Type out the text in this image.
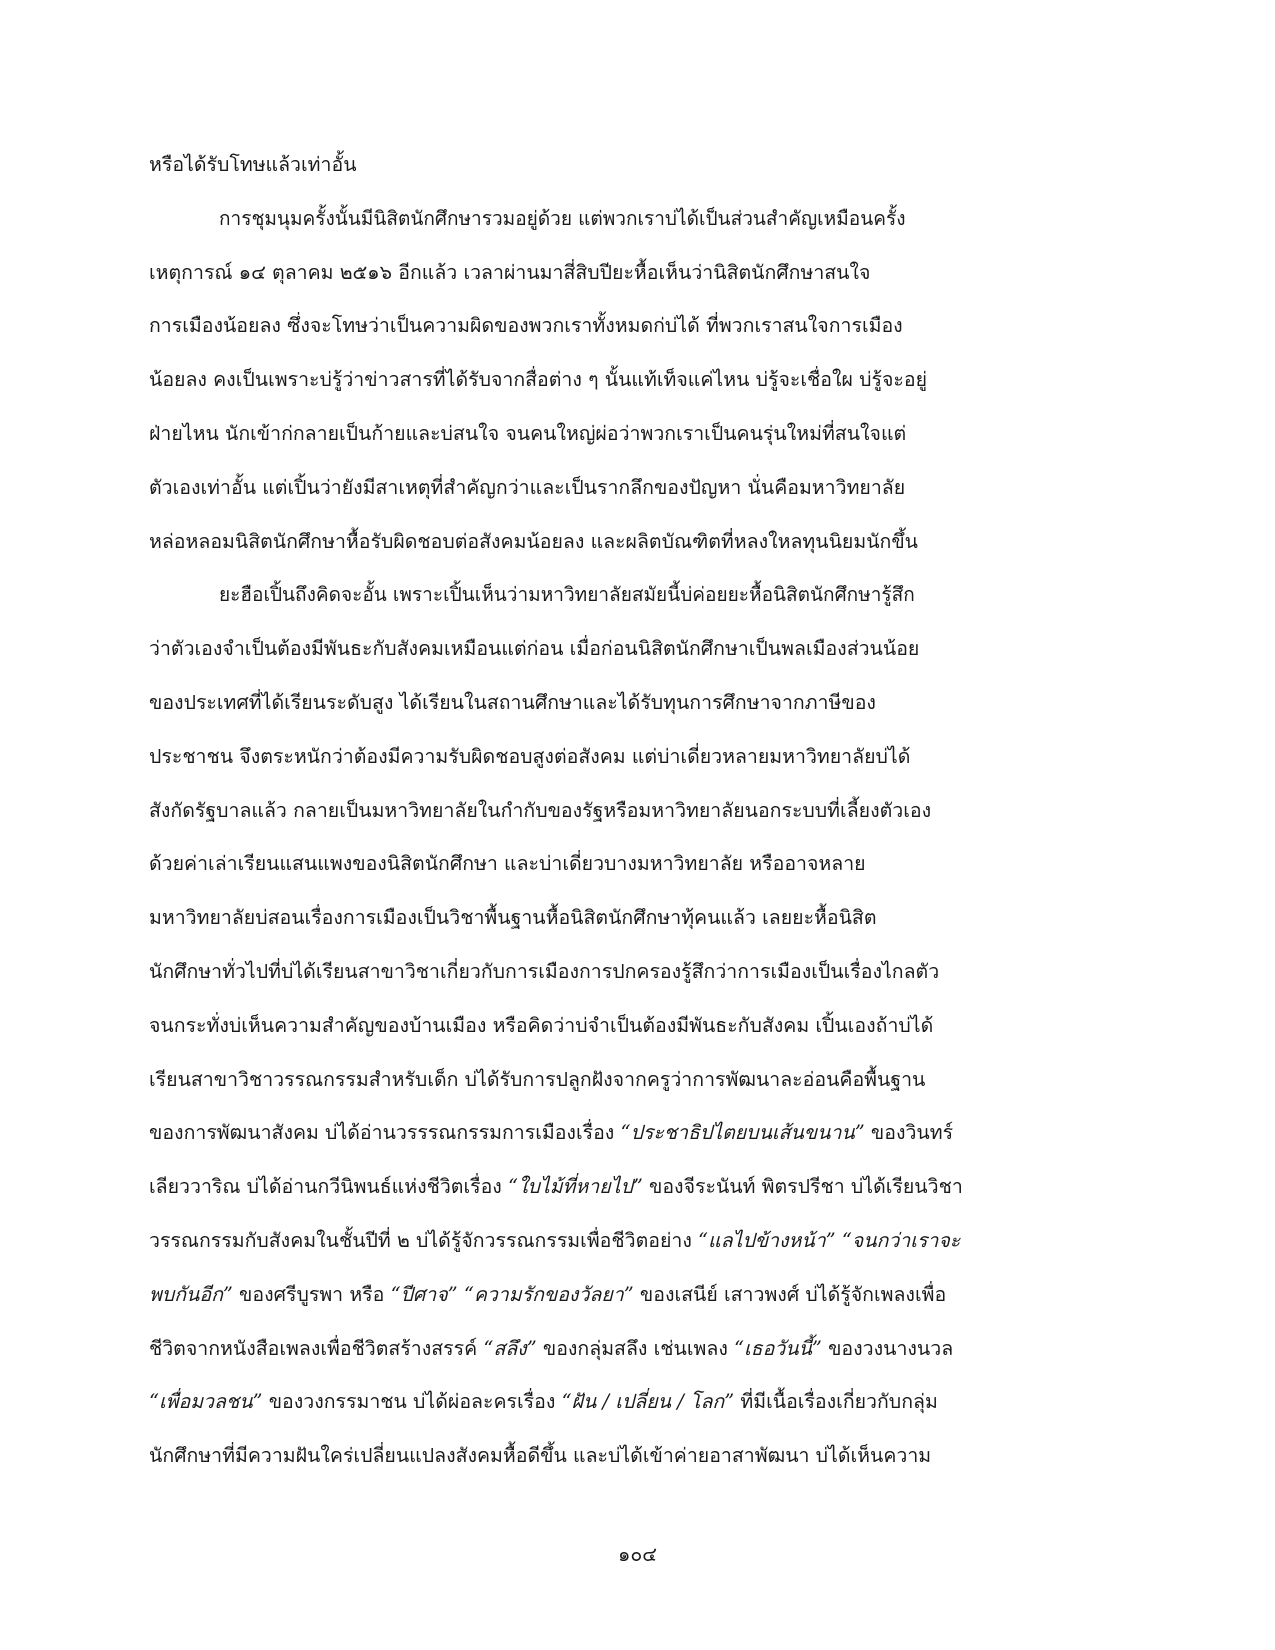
หรือได้รับโทษแล้วเท่าอั้น
การชุมนุมครั้งนั้นมีนิสิตนักศึกษารวมอยู่ด้วย แต่พวกเราบ่ได้เป็นส่วนสำคัญเหมือนครั้ง
เหตุการณ์ ๑๔ ตุลาคม ๒๕๑๖ อีกแล้ว เวลาผ่านมาสี่สิบปียะหื้อเห็นว่านิสิตนักศึกษาสนใจ
การเมืองน้อยลง ซึ่งจะโทษว่าเป็นความผิดของพวกเราทั้งหมดก่บ่ได้ ที่พวกเราสนใจการเมือง
น้อยลง คงเป็นเพราะบ่รู้ว่าข่าวสารที่ได้รับจากสื่อต่าง ๆ นั้นแท้เท็จแค่ไหน บ่รู้จะเชื่อใผ บ่รู้จะอยู่
ฝ่ายไหน นักเข้าก่กลายเป็นก้ายและบ่สนใจ จนคนใหญ่ผ่อว่าพวกเราเป็นคนรุ่นใหม่ที่สนใจแต่
ตัวเองเท่าอั้น แต่เปิ้นว่ายังมีสาเหตุที่สำคัญกว่าและเป็นรากลึกของปัญหา นั่นคือมหาวิทยาลัย
หล่อหลอมนิสิตนักศึกษาหื้อรับผิดชอบต่อสังคมน้อยลง และผลิตบัณฑิตที่หลงใหลทุนนิยมนักขึ้น
ยะฮือเปิ้นถึงคิดจะอั้น เพราะเปิ้นเห็นว่ามหาวิทยาลัยสมัยนี้บ่ค่อยยะหื้อนิสิตนักศึกษารู้สึก
ว่าตัวเองจำเป็นต้องมีพันธะกับสังคมเหมือนแต่ก่อน เมื่อก่อนนิสิตนักศึกษาเป็นพลเมืองส่วนน้อย
ของประเทศที่ได้เรียนระดับสูง ได้เรียนในสถานศึกษาและได้รับทุนการศึกษาจากภาษีของ
ประชาชน จึงตระหนักว่าต้องมีความรับผิดชอบสูงต่อสังคม แต่บ่าเดี่ยวหลายมหาวิทยาลัยบ่ได้
สังกัดรัฐบาลแล้ว กลายเป็นมหาวิทยาลัยในกำกับของรัฐหรือมหาวิทยาลัยนอกระบบที่เลี้ยงตัวเอง
ด้วยค่าเล่าเรียนแสนแพงของนิสิตนักศึกษา และบ่าเดี่ยวบางมหาวิทยาลัย หรืออาจหลาย
มหาวิทยาลัยบ่สอนเรื่องการเมืองเป็นวิชาพื้นฐานหื้อนิสิตนักศึกษาทุ้คนแล้ว เลยยะหื้อนิสิต
นักศึกษาทั่วไปที่บ่ได้เรียนสาขาวิชาเกี่ยวกับการเมืองการปกครองรู้สึกว่าการเมืองเป็นเรื่องไกลตัว
จนกระทั่งบ่เห็นความสำคัญของบ้านเมือง หรือคิดว่าบ่จำเป็นต้องมีพันธะกับสังคม เปิ้นเองถ้าบ่ได้
เรียนสาขาวิชาวรรณกรรมสำหรับเด็ก บ่ได้รับการปลูกฝังจากครูว่าการพัฒนาละอ่อนคือพื้นฐาน
ของการพัฒนาสังคม บ่ได้อ่านวรรรณกรรมการเมืองเรื่อง “ประชาธิปไตยบนเส้นขนาน” ของวินทร์
เลียววาริณ บ่ได้อ่านกวีนิพนธ์แห่งชีวิตเรื่อง “ใบไม้ที่หายไป” ของจีระนันท์ พิตรปรีชา บ่ได้เรียนวิชา
วรรณกรรมกับสังคมในชั้นปีที่ ๒ บ่ได้รู้จักวรรณกรรมเพื่อชีวิตอย่าง “แลไปข้างหน้า” “จนกว่าเราจะ
พบกันอีก” ของศรีบูรพา หรือ “ปีศาจ” “ความรักของวัลยา” ของเสนีย์ เสาวพงศ์ บ่ได้รู้จักเพลงเพื่อ
ชีวิตจากหนังสือเพลงเพื่อชีวิตสร้างสรรค์ “สลึง” ของกลุ่มสลึง เช่นเพลง “เธอวันนี้” ของวงนางนวล
“เพื่อมวลชน” ของวงกรรมาชน บ่ได้ผ่อละครเรื่อง “ฝัน / เปลี่ยน / โลก” ที่มีเนื้อเรื่องเกี่ยวกับกลุ่ม
นักศึกษาที่มีความฝันใคร่เปลี่ยนแปลงสังคมหื้อดีขึ้น และบ่ได้เข้าค่ายอาสาพัฒนา บ่ได้เห็นความ
๑๐๔
